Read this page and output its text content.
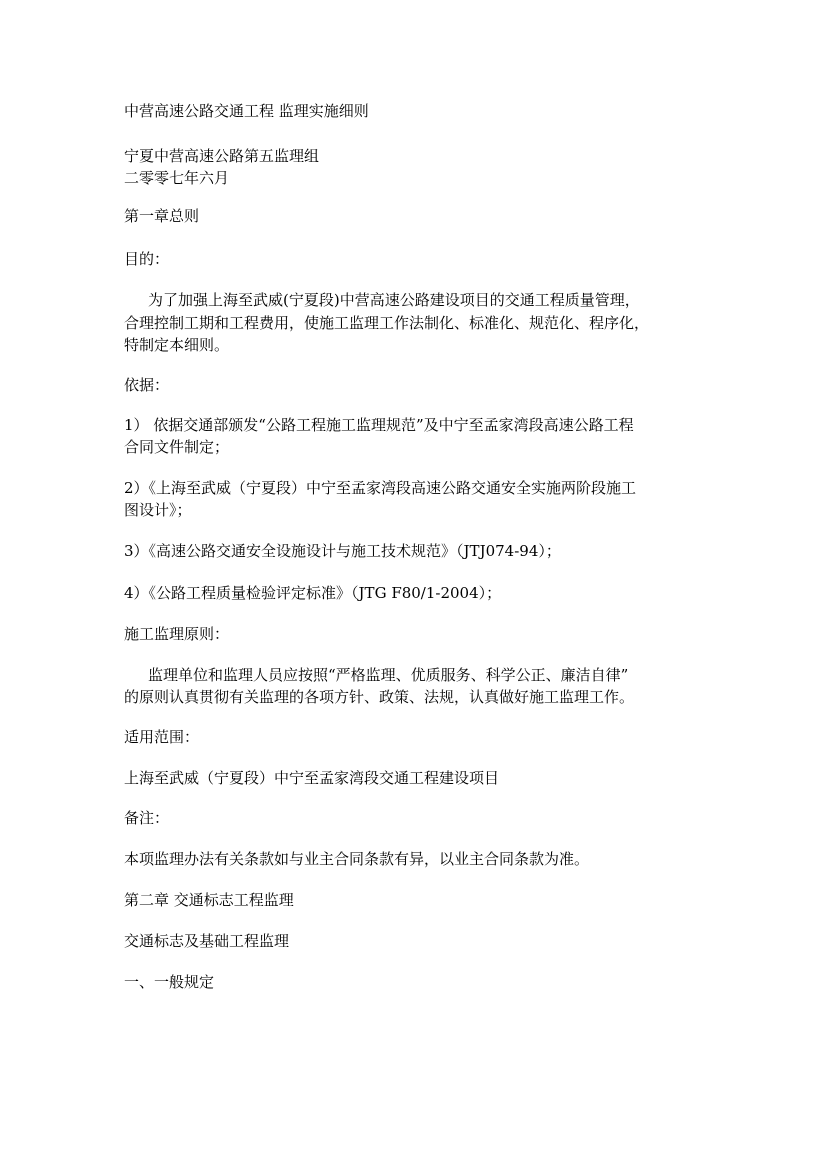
中营高速公路交通工程 监理实施细则
宁夏中营高速公路第五监理组
二零零七年六月
第一章总则
目的：
为了加强上海至武威(宁夏段)中营高速公路建设项目的交通工程质量管理，
合理控制工期和工程费用，使施工监理工作法制化、标准化、规范化、程序化，
特制定本细则。
依据：
1） 依据交通部颁发“公路工程施工监理规范”及中宁至孟家湾段高速公路工程
合同文件制定；
2）《上海至武威（宁夏段）中宁至孟家湾段高速公路交通安全实施两阶段施工
图设计》；
3）《高速公路交通安全设施设计与施工技术规范》（JTJ074-94）；
4）《公路工程质量检验评定标准》（JTG F80/1-2004）；
施工监理原则：
监理单位和监理人员应按照“严格监理、优质服务、科学公正、廉洁自律”
的原则认真贯彻有关监理的各项方针、政策、法规，认真做好施工监理工作。
适用范围：
上海至武威（宁夏段）中宁至孟家湾段交通工程建设项目
备注：
本项监理办法有关条款如与业主合同条款有异，以业主合同条款为准。
第二章 交通标志工程监理
交通标志及基础工程监理
一、一般规定
